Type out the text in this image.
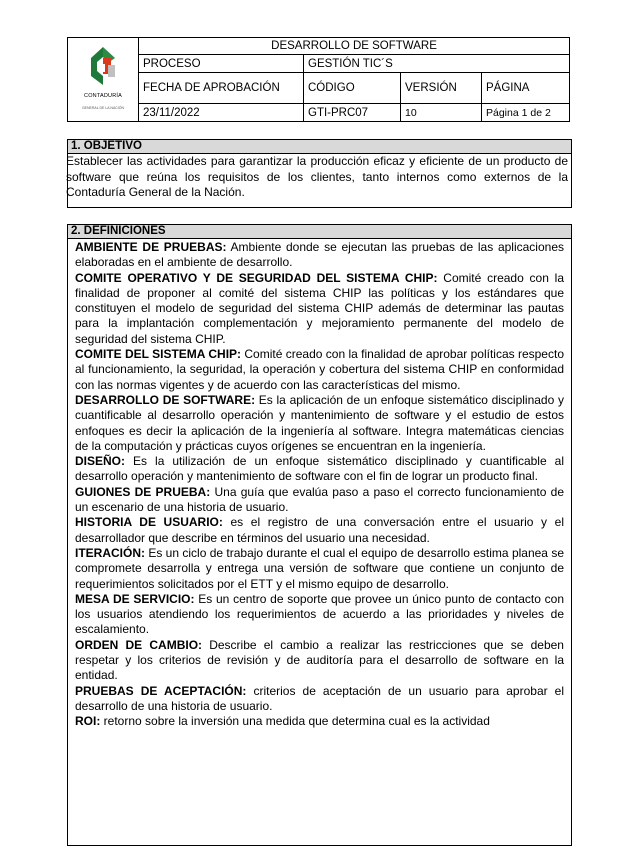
CONTADURÍA
GENERAL DE LA NACIÓN	DESARROLLO DE SOFTWARE			
	PROCESO	GESTIÓN TIC´S		
	FECHA DE APROBACIÓN	CÓDIGO	VERSIÓN	PÁGINA
	23/11/2022	GTI-PRC07	10	Página 1 de 2
1. OBJETIVO
Establecer las actividades para garantizar la producción eficaz y eficiente de un producto de software que reúna los requisitos de los clientes, tanto internos como externos de la Contaduría General de la Nación.
2. DEFINICIONES

AMBIENTE DE PRUEBAS: Ambiente donde se ejecutan las pruebas de las aplicaciones elaboradas en el ambiente de desarrollo.

COMITE OPERATIVO Y DE SEGURIDAD DEL SISTEMA CHIP: Comité creado con la finalidad de proponer al comité del sistema CHIP las políticas y los estándares que constituyen el modelo de seguridad del sistema CHIP además de determinar las pautas para la implantación complementación y mejoramiento permanente del modelo de seguridad del sistema CHIP.

COMITE DEL SISTEMA CHIP: Comité creado con la finalidad de aprobar políticas respecto al funcionamiento, la seguridad, la operación y cobertura del sistema CHIP en conformidad con las normas vigentes y de acuerdo con las características del mismo.

DESARROLLO DE SOFTWARE: Es la aplicación de un enfoque sistemático disciplinado y cuantificable al desarrollo operación y mantenimiento de software y el estudio de estos enfoques es decir la aplicación de la ingeniería al software. Integra matemáticas ciencias de la computación y prácticas cuyos orígenes se encuentran en la ingeniería.

DISEÑO: Es la utilización de un enfoque sistemático disciplinado y cuantificable al desarrollo operación y mantenimiento de software con el fin de lograr un producto final.

GUIONES DE PRUEBA: Una guía que evalúa paso a paso el correcto funcionamiento de un escenario de una historia de usuario.

HISTORIA DE USUARIO: es el registro de una conversación entre el usuario y el desarrollador que describe en términos del usuario una necesidad.

ITERACIÓN: Es un ciclo de trabajo durante el cual el equipo de desarrollo estima planea se compromete desarrolla y entrega una versión de software que contiene un conjunto de requerimientos solicitados por el ETT y el mismo equipo de desarrollo.

MESA DE SERVICIO: Es un centro de soporte que provee un único punto de contacto con los usuarios atendiendo los requerimientos de acuerdo a las prioridades y niveles de escalamiento.

ORDEN DE CAMBIO: Describe el cambio a realizar las restricciones que se deben respetar y los criterios de revisión y de auditoría para el desarrollo de software en la entidad.

PRUEBAS DE ACEPTACIÓN: criterios de aceptación de un usuario para aprobar el desarrollo de una historia de usuario.

ROI: retorno sobre la inversión una medida que determina cual es la actividad
